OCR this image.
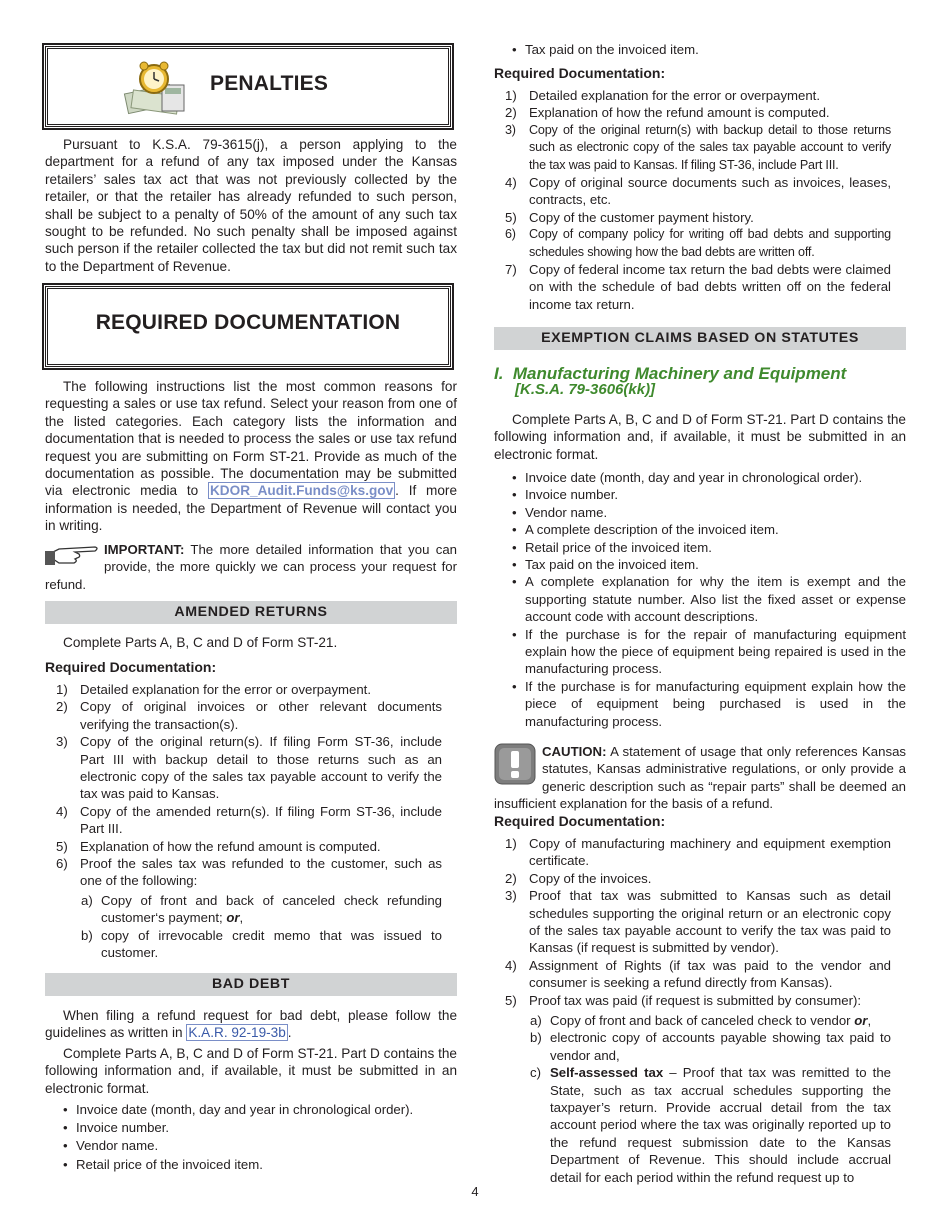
PENALTIES

Pursuant to K.S.A. 79-3615(j), a person applying to the department for a refund of any tax imposed under the Kansas retailers’ sales tax act that was not previously collected by the retailer, or that the retailer has already refunded to such person, shall be subject to a penalty of 50% of the amount of any such tax sought to be refunded. No such penalty shall be imposed against such person if the retailer collected the tax but did not remit such tax to the Department of Revenue.

REQUIRED DOCUMENTATION

The following instructions list the most common reasons for requesting a sales or use tax refund. Select your reason from one of the listed categories. Each category lists the information and documentation that is needed to process the sales or use tax refund request you are submitting on Form ST-21. Provide as much of the documentation as possible. The documentation may be submitted via electronic media to KDOR_Audit.Funds@ks.gov . If more information is needed, the Department of Revenue will contact you in writing.

IMPORTANT: The more detailed information that you can provide, the more quickly we can process your request for refund.

AMENDED RETURNS

Complete Parts A, B, C and D of Form ST-21.

Required Documentation:

1) Detailed explanation for the error or overpayment.
2) Copy of original invoices or other relevant documents verifying the transaction(s).
3) Copy of the original return(s). If filing Form ST-36, include Part III with backup detail to those returns such as an electronic copy of the sales tax payable account to verify the tax was paid to Kansas.
4) Copy of the amended return(s). If filing Form ST-36, include Part III.
5) Explanation of how the refund amount is computed.
6) Proof the sales tax was refunded to the customer, such as one of the following:
a) Copy of front and back of canceled check refunding customer‘s payment; or,
b) copy of irrevocable credit memo that was issued to customer.
BAD DEBT

When filing a refund request for bad debt, please follow the guidelines as written in K.A.R. 92-19-3b .

Complete Parts A, B, C and D of Form ST-21. Part D contains the following information and, if available, it must be submitted in an electronic format.

• Invoice date (month, day and year in chronological order).
• Invoice number.
• Vendor name.
• Retail price of the invoiced item.
• Tax paid on the invoiced item.

Required Documentation:

1) Detailed explanation for the error or overpayment.
2) Explanation of how the refund amount is computed.
3) Copy of the original return(s) with backup detail to those returns such as electronic copy of the sales tax payable account to verify the tax was paid to Kansas. If filing ST-36, include Part III.
4) Copy of original source documents such as invoices, leases, contracts, etc.
5) Copy of the customer payment history.
6) Copy of company policy for writing off bad debts and supporting schedules showing how the bad debts are written off.
7) Copy of federal income tax return the bad debts were claimed on with the schedule of bad debts written off on the federal income tax return.
EXEMPTION CLAIMS BASED ON STATUTES
I.  Manufacturing Machinery and Equipment
[K.S.A. 79-3606(kk)]

Complete Parts A, B, C and D of Form ST-21. Part D contains the following information and, if available, it must be submitted in an electronic format.

• Invoice date (month, day and year in chronological order).
• Invoice number.
• Vendor name.
• A complete description of the invoiced item.
• Retail price of the invoiced item.
• Tax paid on the invoiced item.
• A complete explanation for why the item is exempt and the supporting statute number. Also list the fixed asset or expense account code with account descriptions.
• If the purchase is for the repair of manufacturing equipment explain how the piece of equipment being repaired is used in the manufacturing process.
• If the purchase is for manufacturing equipment explain how the piece of equipment being purchased is used in the manufacturing process.

CAUTION: A statement of usage that only references Kansas statutes, Kansas administrative regulations, or only provide a generic description such as “repair parts” shall be deemed an insufficient explanation for the basis of a refund.

Required Documentation:

1) Copy of manufacturing machinery and equipment exemption certificate.
2) Copy of the invoices.
3) Proof that tax was submitted to Kansas such as detail schedules supporting the original return or an electronic copy of the sales tax payable account to verify the tax was paid to Kansas (if request is submitted by vendor).
4) Assignment of Rights (if tax was paid to the vendor and consumer is seeking a refund directly from Kansas).
5) Proof tax was paid (if request is submitted by consumer):
a) Copy of front and back of canceled check to vendor or,
b) electronic copy of accounts payable showing tax paid to vendor and,
c) Self-assessed tax – Proof that tax was remitted to the State, such as tax accrual schedules supporting the taxpayer’s return. Provide accrual detail from the tax account period where the tax was originally reported up to the refund request submission date to the Kansas Department of Revenue. This should include accrual detail for each period within the refund request up to
4
